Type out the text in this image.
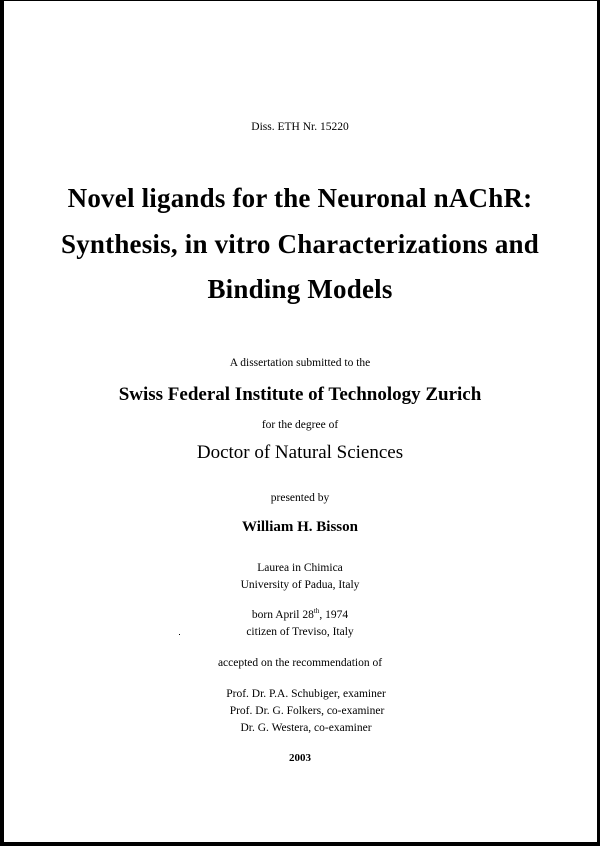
Diss. ETH Nr. 15220
Novel ligands for the Neuronal nAChR:
Synthesis, in vitro Characterizations and
Binding Models
A dissertation submitted to the
Swiss Federal Institute of Technology Zurich
for the degree of
Doctor of Natural Sciences
presented by
William H. Bisson
Laurea in Chimica
University of Padua, Italy
born April 28th, 1974
citizen of Treviso, Italy
accepted on the recommendation of
Prof. Dr. P.A. Schubiger, examiner
Prof. Dr. G. Folkers, co-examiner
Dr. G. Westera, co-examiner
2003
